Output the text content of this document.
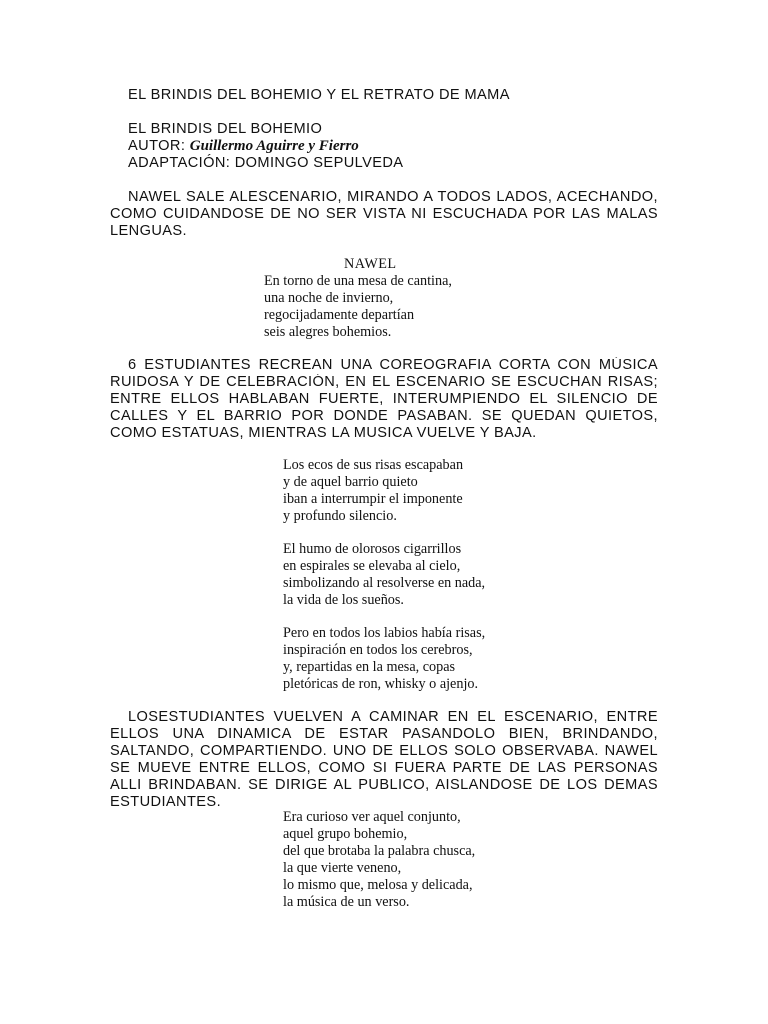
EL BRINDIS DEL BOHEMIO Y EL RETRATO DE MAMA
EL BRINDIS DEL BOHEMIO
AUTOR: Guillermo Aguirre y Fierro
ADAPTACIÓN: DOMINGO SEPULVEDA
NAWEL SALE ALESCENARIO, MIRANDO A TODOS LADOS, ACECHANDO,
COMO CUIDANDOSE DE NO SER VISTA NI ESCUCHADA POR LAS MALAS
LENGUAS.
NAWEL
En torno de una mesa de cantina,
una noche de invierno,
regocijadamente departían
seis alegres bohemios.
6 ESTUDIANTES RECREAN UNA COREOGRAFIA CORTA CON MÚSICA
RUIDOSA Y DE CELEBRACIÓN, EN EL ESCENARIO SE ESCUCHAN RISAS;
ENTRE ELLOS HABLABAN FUERTE, INTERUMPIENDO EL SILENCIO DE
CALLES Y EL BARRIO POR DONDE PASABAN. SE QUEDAN QUIETOS,
COMO ESTATUAS, MIENTRAS LA MUSICA VUELVE Y BAJA.
Los ecos de sus risas escapaban
y de aquel barrio quieto
iban a interrumpir el imponente
y profundo silencio.
El humo de olorosos cigarrillos
en espirales se elevaba al cielo,
simbolizando al resolverse en nada,
la vida de los sueños.
Pero en todos los labios había risas,
inspiración en todos los cerebros,
y, repartidas en la mesa, copas
pletóricas de ron, whisky o ajenjo.
LOSESTUDIANTES VUELVEN A CAMINAR EN EL ESCENARIO, ENTRE
ELLOS UNA DINAMICA DE ESTAR PASANDOLO BIEN, BRINDANDO,
SALTANDO, COMPARTIENDO. UNO DE ELLOS SOLO OBSERVABA. NAWEL
SE MUEVE ENTRE ELLOS, COMO SI FUERA PARTE DE LAS PERSONAS
ALLI BRINDABAN. SE DIRIGE AL PUBLICO, AISLANDOSE DE LOS DEMAS
ESTUDIANTES.
Era curioso ver aquel conjunto,
aquel grupo bohemio,
del que brotaba la palabra chusca,
la que vierte veneno,
lo mismo que, melosa y delicada,
la música de un verso.
